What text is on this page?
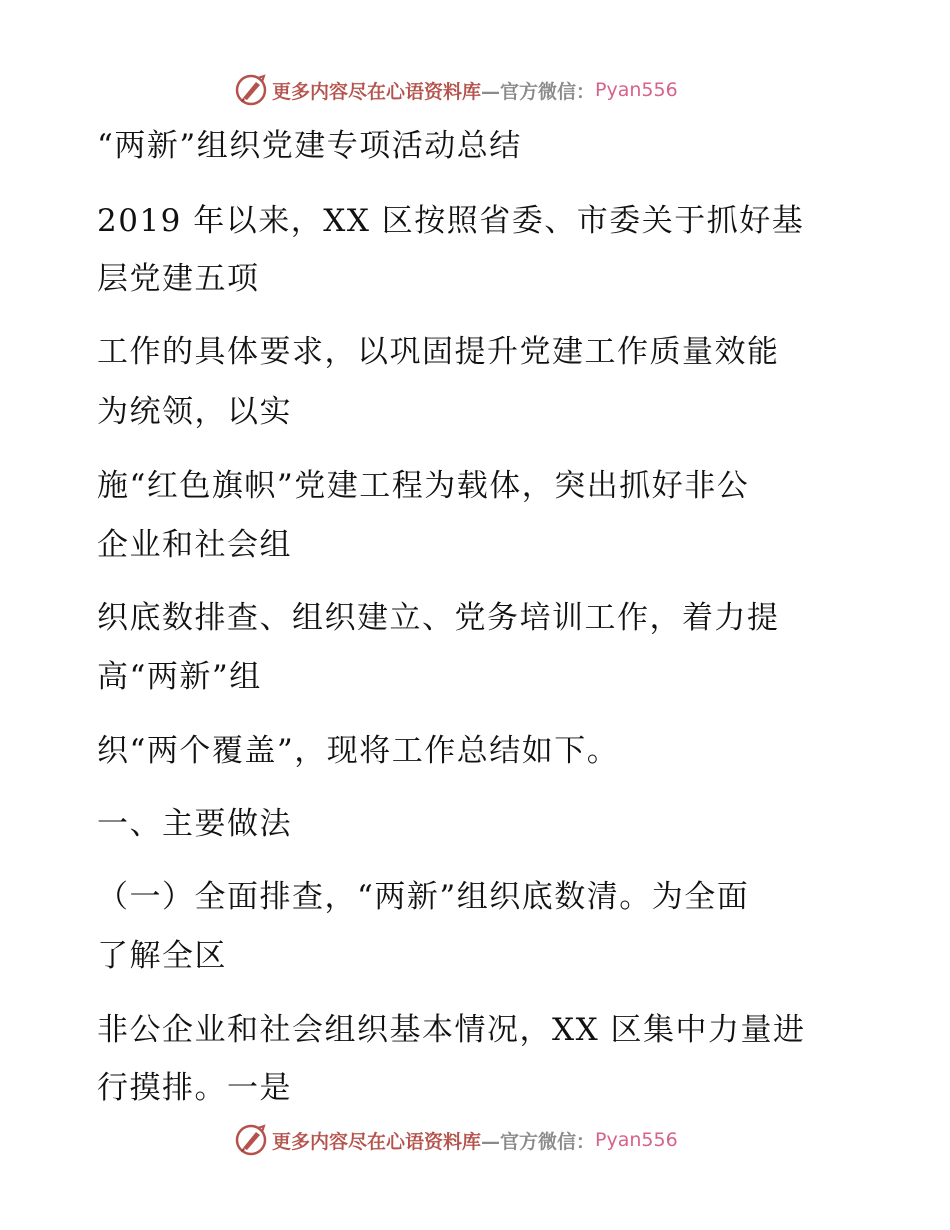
更多内容尽在心语资料库 —官方微信： Pyan556
“两新”组织党建专项活动总结
2019 年以来，XX 区按照省委、市委关于抓好基
层党建五项
工作的具体要求，以巩固提升党建工作质量效能
为统领，以实
施“红色旗帜”党建工程为载体，突出抓好非公
企业和社会组
织底数排查、组织建立、党务培训工作，着力提
高“两新”组
织“两个覆盖”，现将工作总结如下。
一、主要做法
（一）全面排查，“两新”组织底数清。为全面
了解全区
非公企业和社会组织基本情况，XX 区集中力量进
行摸排。一是
更多内容尽在心语资料库 —官方微信： Pyan556
